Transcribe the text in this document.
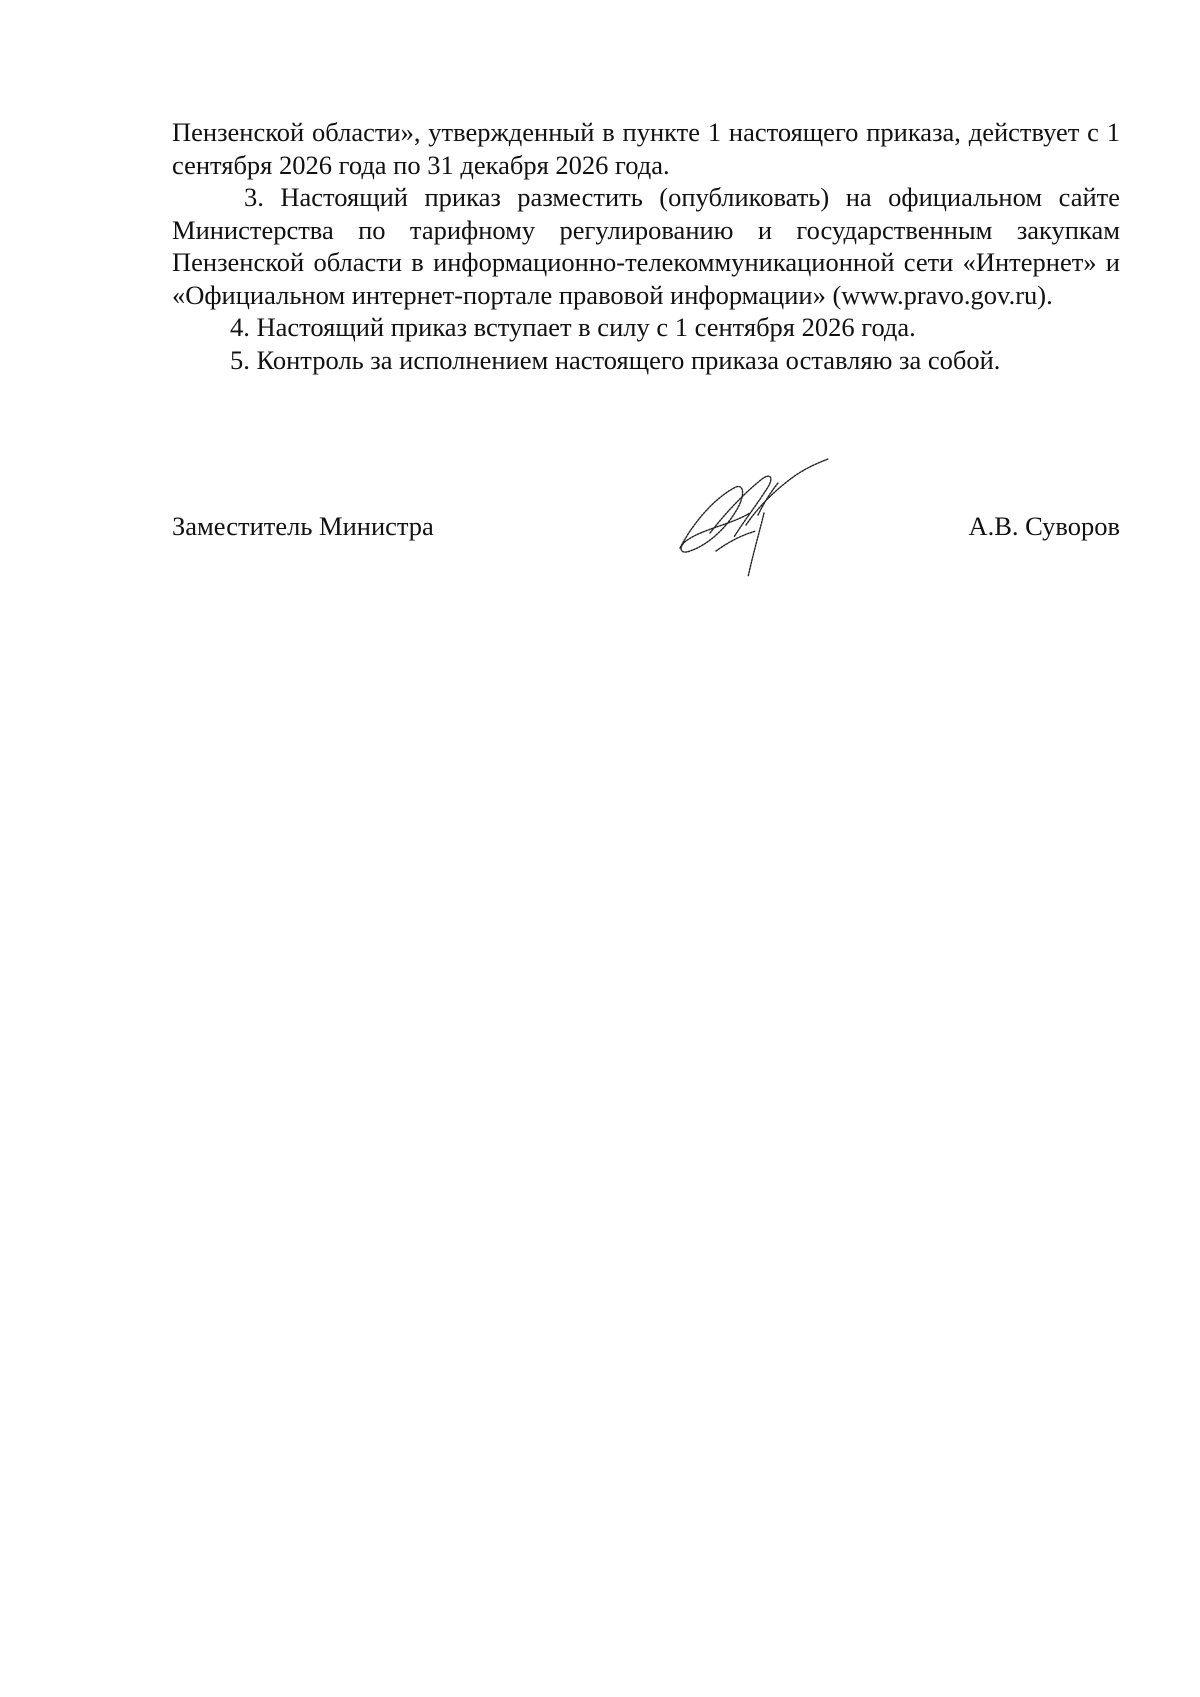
Пензенской области», утвержденный в пункте 1 настоящего приказа, действует с 1 сентября 2026 года по 31 декабря 2026 года.

3. Настоящий приказ разместить (опубликовать) на официальном сайте Министерства по тарифному регулированию и государственным закупкам Пензенской области в информационно-телекоммуникационной сети «Интернет» и «Официальном интернет-портале правовой информации» (www.pravo.gov.ru).

4. Настоящий приказ вступает в силу с 1 сентября 2026 года.

5. Контроль за исполнением настоящего приказа оставляю за собой.

Заместитель Министра	А.В. Суворов
